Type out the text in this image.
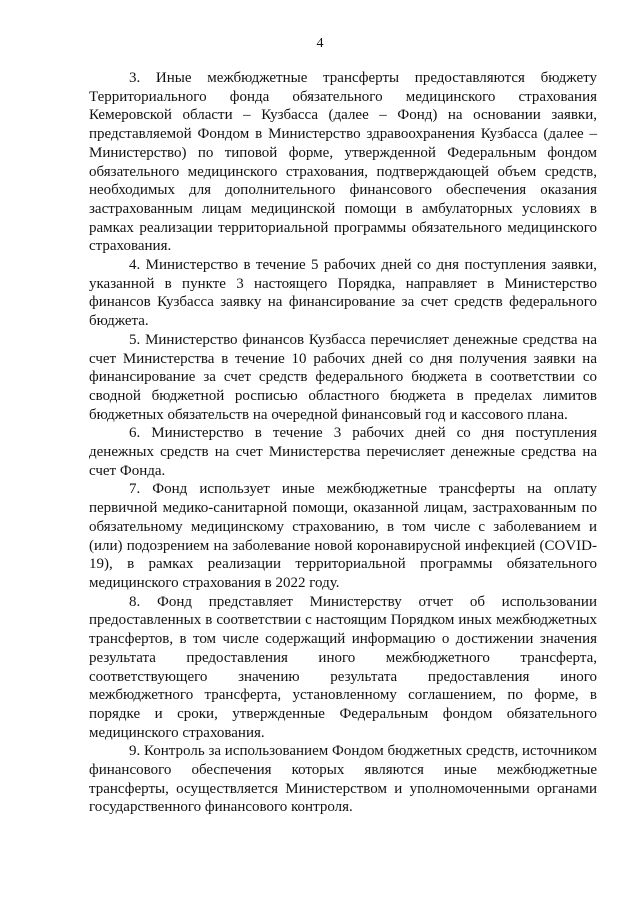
4

3. Иные межбюджетные трансферты предоставляются бюджету Территориального фонда обязательного медицинского страхования Кемеровской области – Кузбасса (далее – Фонд) на основании заявки, представляемой Фондом в Министерство здравоохранения Кузбасса (далее – Министерство) по типовой форме, утвержденной Федеральным фондом обязательного медицинского страхования, подтверждающей объем средств, необходимых для дополнительного финансового обеспечения оказания застрахованным лицам медицинской помощи в амбулаторных условиях в рамках реализации территориальной программы обязательного медицинского страхования.

4. Министерство в течение 5 рабочих дней со дня поступления заявки, указанной в пункте 3 настоящего Порядка, направляет в Министерство финансов Кузбасса заявку на финансирование за счет средств федерального бюджета.

5. Министерство финансов Кузбасса перечисляет денежные средства на счет Министерства в течение 10 рабочих дней со дня получения заявки на финансирование за счет средств федерального бюджета в соответствии со сводной бюджетной росписью областного бюджета в пределах лимитов бюджетных обязательств на очередной финансовый год и кассового плана.

6. Министерство в течение 3 рабочих дней со дня поступления денежных средств на счет Министерства перечисляет денежные средства на счет Фонда.

7. Фонд использует иные межбюджетные трансферты на оплату первичной медико-санитарной помощи, оказанной лицам, застрахованным по обязательному медицинскому страхованию, в том числе с заболеванием и (или) подозрением на заболевание новой коронавирусной инфекцией (COVID-19), в рамках реализации территориальной программы обязательного медицинского страхования в 2022 году.

8. Фонд представляет Министерству отчет об использовании предоставленных в соответствии с настоящим Порядком иных межбюджетных трансфертов, в том числе содержащий информацию о достижении значения результата предоставления иного межбюджетного трансферта, соответствующего значению результата предоставления иного межбюджетного трансферта, установленному соглашением, по форме, в порядке и сроки, утвержденные Федеральным фондом обязательного медицинского страхования.

9. Контроль за использованием Фондом бюджетных средств, источником финансового обеспечения которых являются иные межбюджетные трансферты, осуществляется Министерством и уполномоченными органами государственного финансового контроля.
